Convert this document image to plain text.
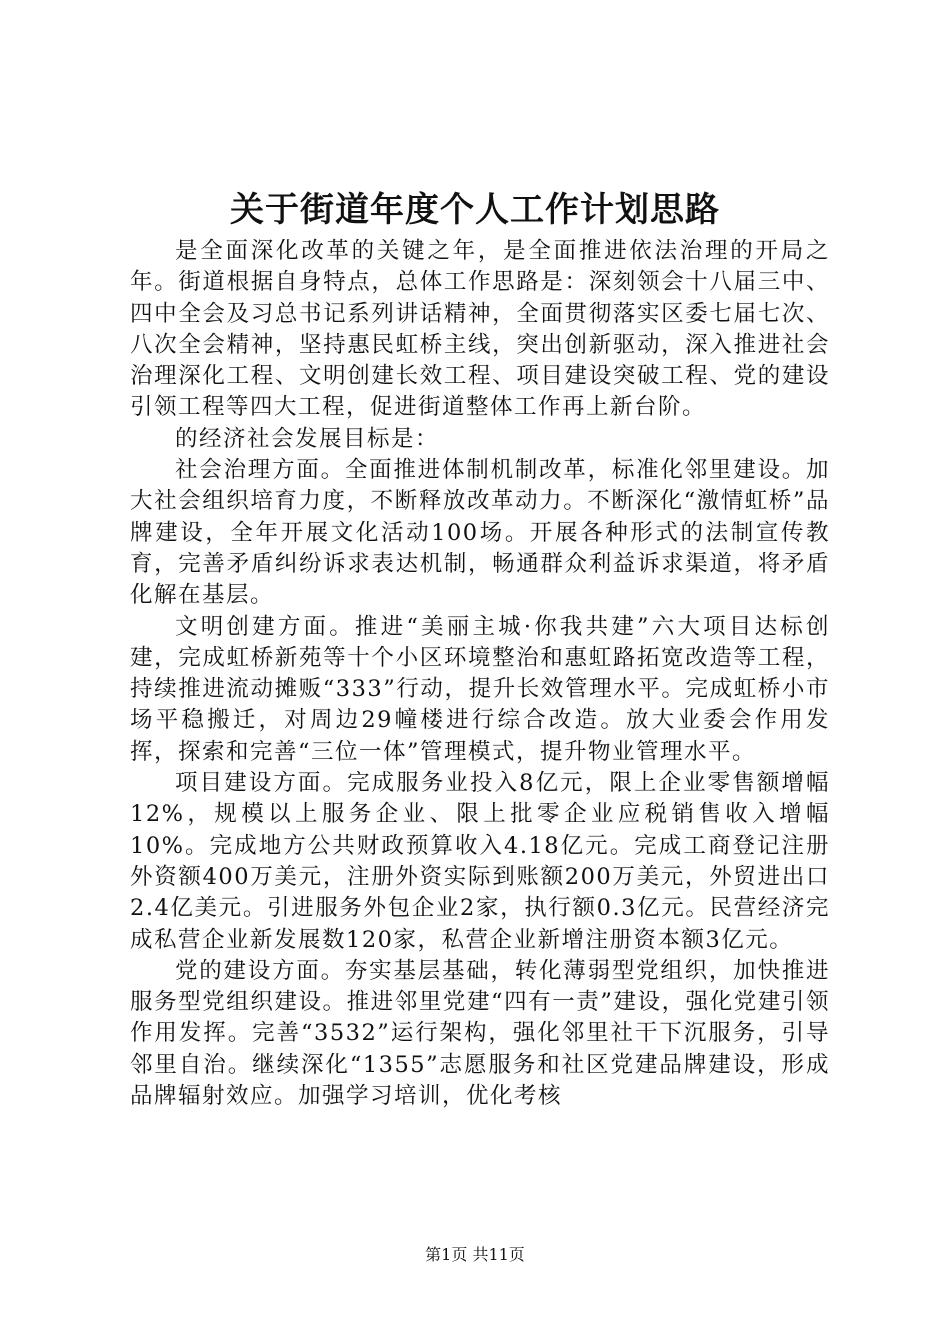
关于街道年度个人工作计划思路

是全面深化改革的关键之年，是全面推进依法治理的开局之年。街道根据自身特点，总体工作思路是：深刻领会十八届三中、四中全会及习总书记系列讲话精神，全面贯彻落实区委七届七次、八次全会精神，坚持惠民虹桥主线，突出创新驱动，深入推进社会治理深化工程、文明创建长效工程、项目建设突破工程、党的建设引领工程等四大工程，促进街道整体工作再上新台阶。

的经济社会发展目标是：

社会治理方面。全面推进体制机制改革，标准化邻里建设。加大社会组织培育力度，不断释放改革动力。不断深化“激情虹桥”品牌建设，全年开展文化活动100场。开展各种形式的法制宣传教育，完善矛盾纠纷诉求表达机制，畅通群众利益诉求渠道，将矛盾化解在基层。

文明创建方面。推进“美丽主城·你我共建”六大项目达标创建，完成虹桥新苑等十个小区环境整治和惠虹路拓宽改造等工程，持续推进流动摊贩“333”行动，提升长效管理水平。完成虹桥小市场平稳搬迁，对周边29幢楼进行综合改造。放大业委会作用发挥，探索和完善“三位一体”管理模式，提升物业管理水平。

项目建设方面。完成服务业投入8亿元，限上企业零售额增幅12%，规模以上服务企业、限上批零企业应税销售收入增幅10%。完成地方公共财政预算收入4.18亿元。完成工商登记注册外资额400万美元，注册外资实际到账额200万美元，外贸进出口2.4亿美元。引进服务外包企业2家，执行额0.3亿元。民营经济完成私营企业新发展数120家，私营企业新增注册资本额3亿元。

党的建设方面。夯实基层基础，转化薄弱型党组织，加快推进服务型党组织建设。推进邻里党建“四有一责”建设，强化党建引领作用发挥。完善“3532”运行架构，强化邻里社干下沉服务，引导邻里自治。继续深化“1355”志愿服务和社区党建品牌建设，形成品牌辐射效应。加强学习培训，优化考核

第1页 共11页
